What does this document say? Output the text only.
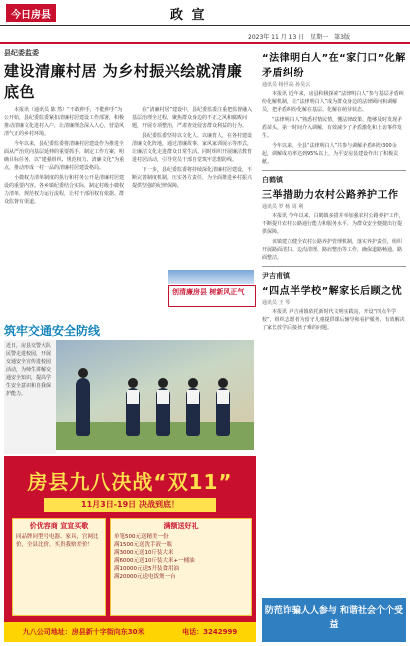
今日房县	政 宣
2023年 11 月 13 日　星期一　第3版
县纪委监委
建设清廉村居 为乡村振兴绘就清廉底色

本报讯（通讯员 陈 然）“不敢伸手，不能伸手”为公开始，县纪委监委紧扣清廉村居建设工作部署，积极推动清廉文化进村入户，让清廉理念深入人心，营造风清气正的乡村环境。

今年以来，县纪委监委将清廉村居建设作为推进全面从严治党向基层延伸的重要抓手，制定工作方案，明确目标任务，以“建强组织、规范权力、清廉文化”为重点，推动形成一村一品的清廉村居建设格局。

小微权力清单制度的执行和村务公开是清廉村居建设的重要内容。各乡镇纪委结合实际，制定村级小微权力清单，规范权力运行流程，让村干部用权有依据、群众监督有渠道。

在“清廉村居”建设中，县纪委监委注重把监督融入基层治理全过程，聚焦群众身边的不正之风和腐败问题，开展专项整治，严肃查处侵害群众利益的行为。

县纪委监委坚持以文化人、以廉育人，在各村建设清廉文化阵地，通过清廉故事、家风家训展示等形式，让廉洁文化走进群众日常生活。同时组织开展廉洁教育进村居活动，引导党员干部自觉筑牢思想防线。

下一步，县纪委监委将持续深化清廉村居建设，不断完善制度机制，压实各方责任，为全面推进乡村振兴提供坚强的纪律保障。

创清廉房县 树新风正气
筑牢交通安全防线
近日，房县交警大队民警走进校园，开展交通安全宣传进校园活动，为师生讲解交通安全知识，提高学生安全意识和自我保护能力。
房县九八决战“双11”
11月3日-19日 决战到底！
价优容商 宣宣买歌
同品牌同型号电器、家具，官网比价，全县比价，买贵我赔差价！
满额送好礼
单笔500元送精美一份
满1500元送洗手液一瓶
满3000元送10斤装大米
满6000元送10斤装大米+一桶油
满10000元送5升装食用油
满20000元送电饭煲一台
九八公司地址：房县新十字街向东30米	电话：3242999
“法律明白人”在“家门口”化解矛盾纠纷
通讯员 杨世高 孙昊云

本报讯 近年来，房县积极探索“法律明白人”参与基层矛盾纠纷化解机制，让“法律明白人”成为群众身边的法律顾问和调解员，把矛盾纠纷化解在基层、化解在萌芽状态。

“法律明白人”熟悉村情民情，懂法律政策，能够及时发现矛盾苗头，第一时间介入调解，有效减少了矛盾激化和上访事件发生。

今年以来，全县“法律明白人”共参与调解矛盾纠纷300余起，调解成功率达到95%以上，为平安房县建设作出了积极贡献。

白鹤镇
三举措助力农村公路养护工作
通讯员 罗 杨 周 利

本报讯 今年以来，白鹤镇多措并举加强农村公路养护工作，不断提升农村公路通行能力和服务水平，为群众安全便捷出行提供保障。

该镇建立健全农村公路养护管理机制，落实养护责任，组织开展路面清扫、边沟清理、路肩整治等工作，确保道路畅通、路面整洁。

尹吉甫镇
“四点半学校”解家长后顾之忧
通讯员 王 琴

本报讯 尹吉甫镇依托新时代文明实践站，开设“四点半学校”，组织志愿者为留守儿童提供课后辅导和看护服务，有效解决了家长放学后接孩子难的问题。

防范诈骗人人参与 和谐社会个个受益
